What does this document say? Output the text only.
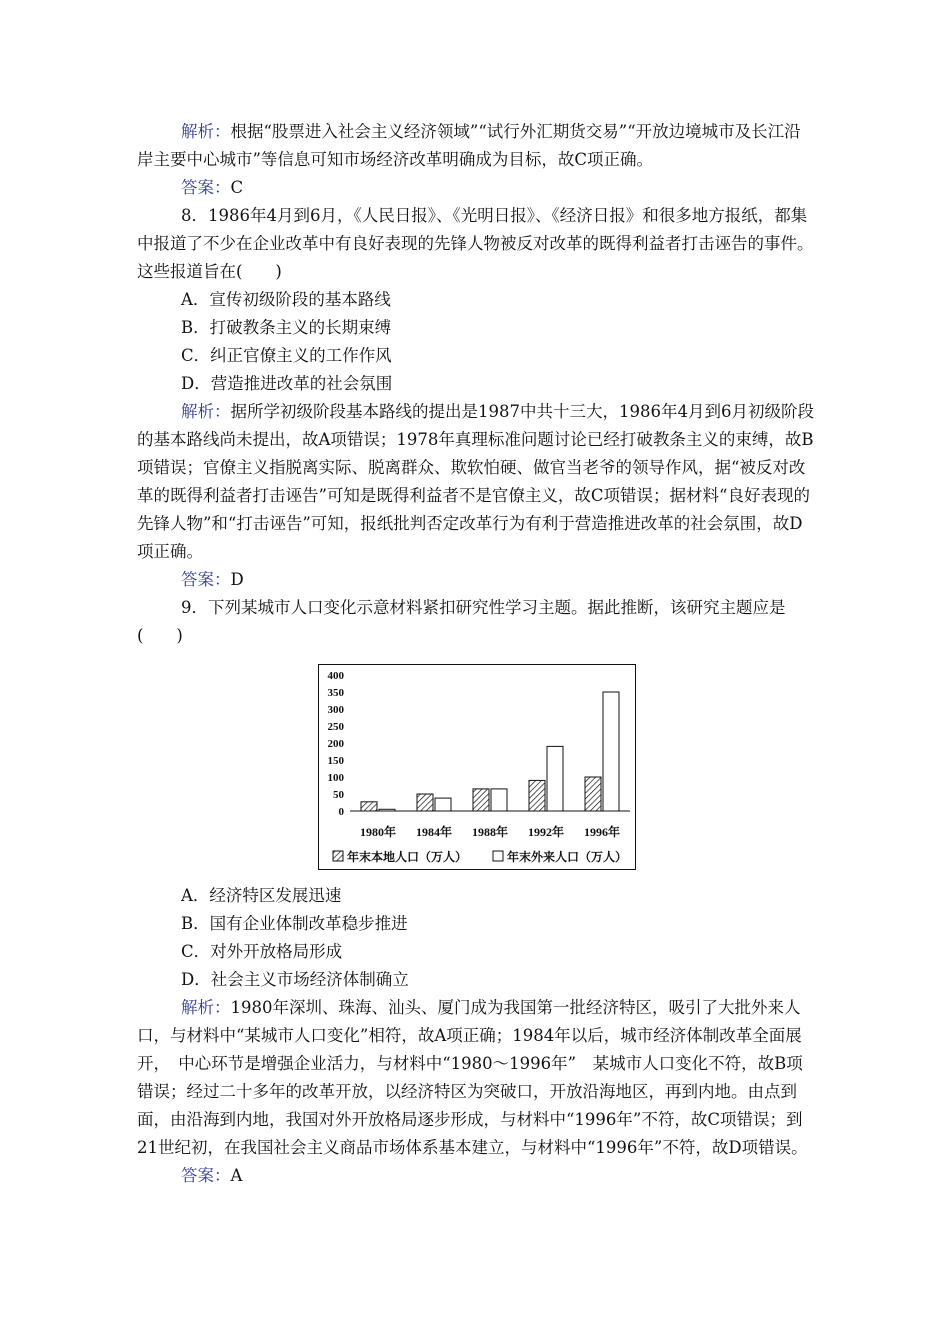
解析：根据“股票进入社会主义经济领域”“试行外汇期货交易”“开放边境城市及长江沿岸主要中心城市”等信息可知市场经济改革明确成为目标，故C项正确。

答案：C

8．1986年4月到6月，《人民日报》、《光明日报》、《经济日报》和很多地方报纸，都集中报道了不少在企业改革中有良好表现的先锋人物被反对改革的既得利益者打击诬告的事件。这些报道旨在(　　)

A．宣传初级阶段的基本路线

B．打破教条主义的长期束缚

C．纠正官僚主义的工作作风

D．营造推进改革的社会氛围

解析：据所学初级阶段基本路线的提出是1987中共十三大，1986年4月到6月初级阶段的基本路线尚未提出，故A项错误；1978年真理标准问题讨论已经打破教条主义的束缚，故B项错误；官僚主义指脱离实际、脱离群众、欺软怕硬、做官当老爷的领导作风，据“被反对改革的既得利益者打击诬告”可知是既得利益者不是官僚主义，故C项错误；据材料“良好表现的先锋人物”和“打击诬告”可知，报纸批判否定改革行为有利于营造推进改革的社会氛围，故D项正确。

答案：D

9．下列某城市人口变化示意材料紧扣研究性学习主题。据此推断，该研究主题应是(　　)

0
50
100
150
200
250
300
350
400
1980年 1984年 1988年 1992年 1996年
年末本地人口（万人）	年末外来人口（万人）

A．经济特区发展迅速

B．国有企业体制改革稳步推进

C．对外开放格局形成

D．社会主义市场经济体制确立

解析：1980年深圳、珠海、汕头、厦门成为我国第一批经济特区，吸引了大批外来人口，与材料中“某城市人口变化”相符，故A项正确；1984年以后，城市经济体制改革全面展开，　中心环节是增强企业活力，与材料中“1980～1996年”　某城市人口变化不符，故B项错误；经过二十多年的改革开放，以经济特区为突破口，开放沿海地区，再到内地。由点到面，由沿海到内地，我国对外开放格局逐步形成，与材料中“1996年”不符，故C项错误；到21世纪初，在我国社会主义商品市场体系基本建立，与材料中“1996年”不符，故D项错误。

答案：A
